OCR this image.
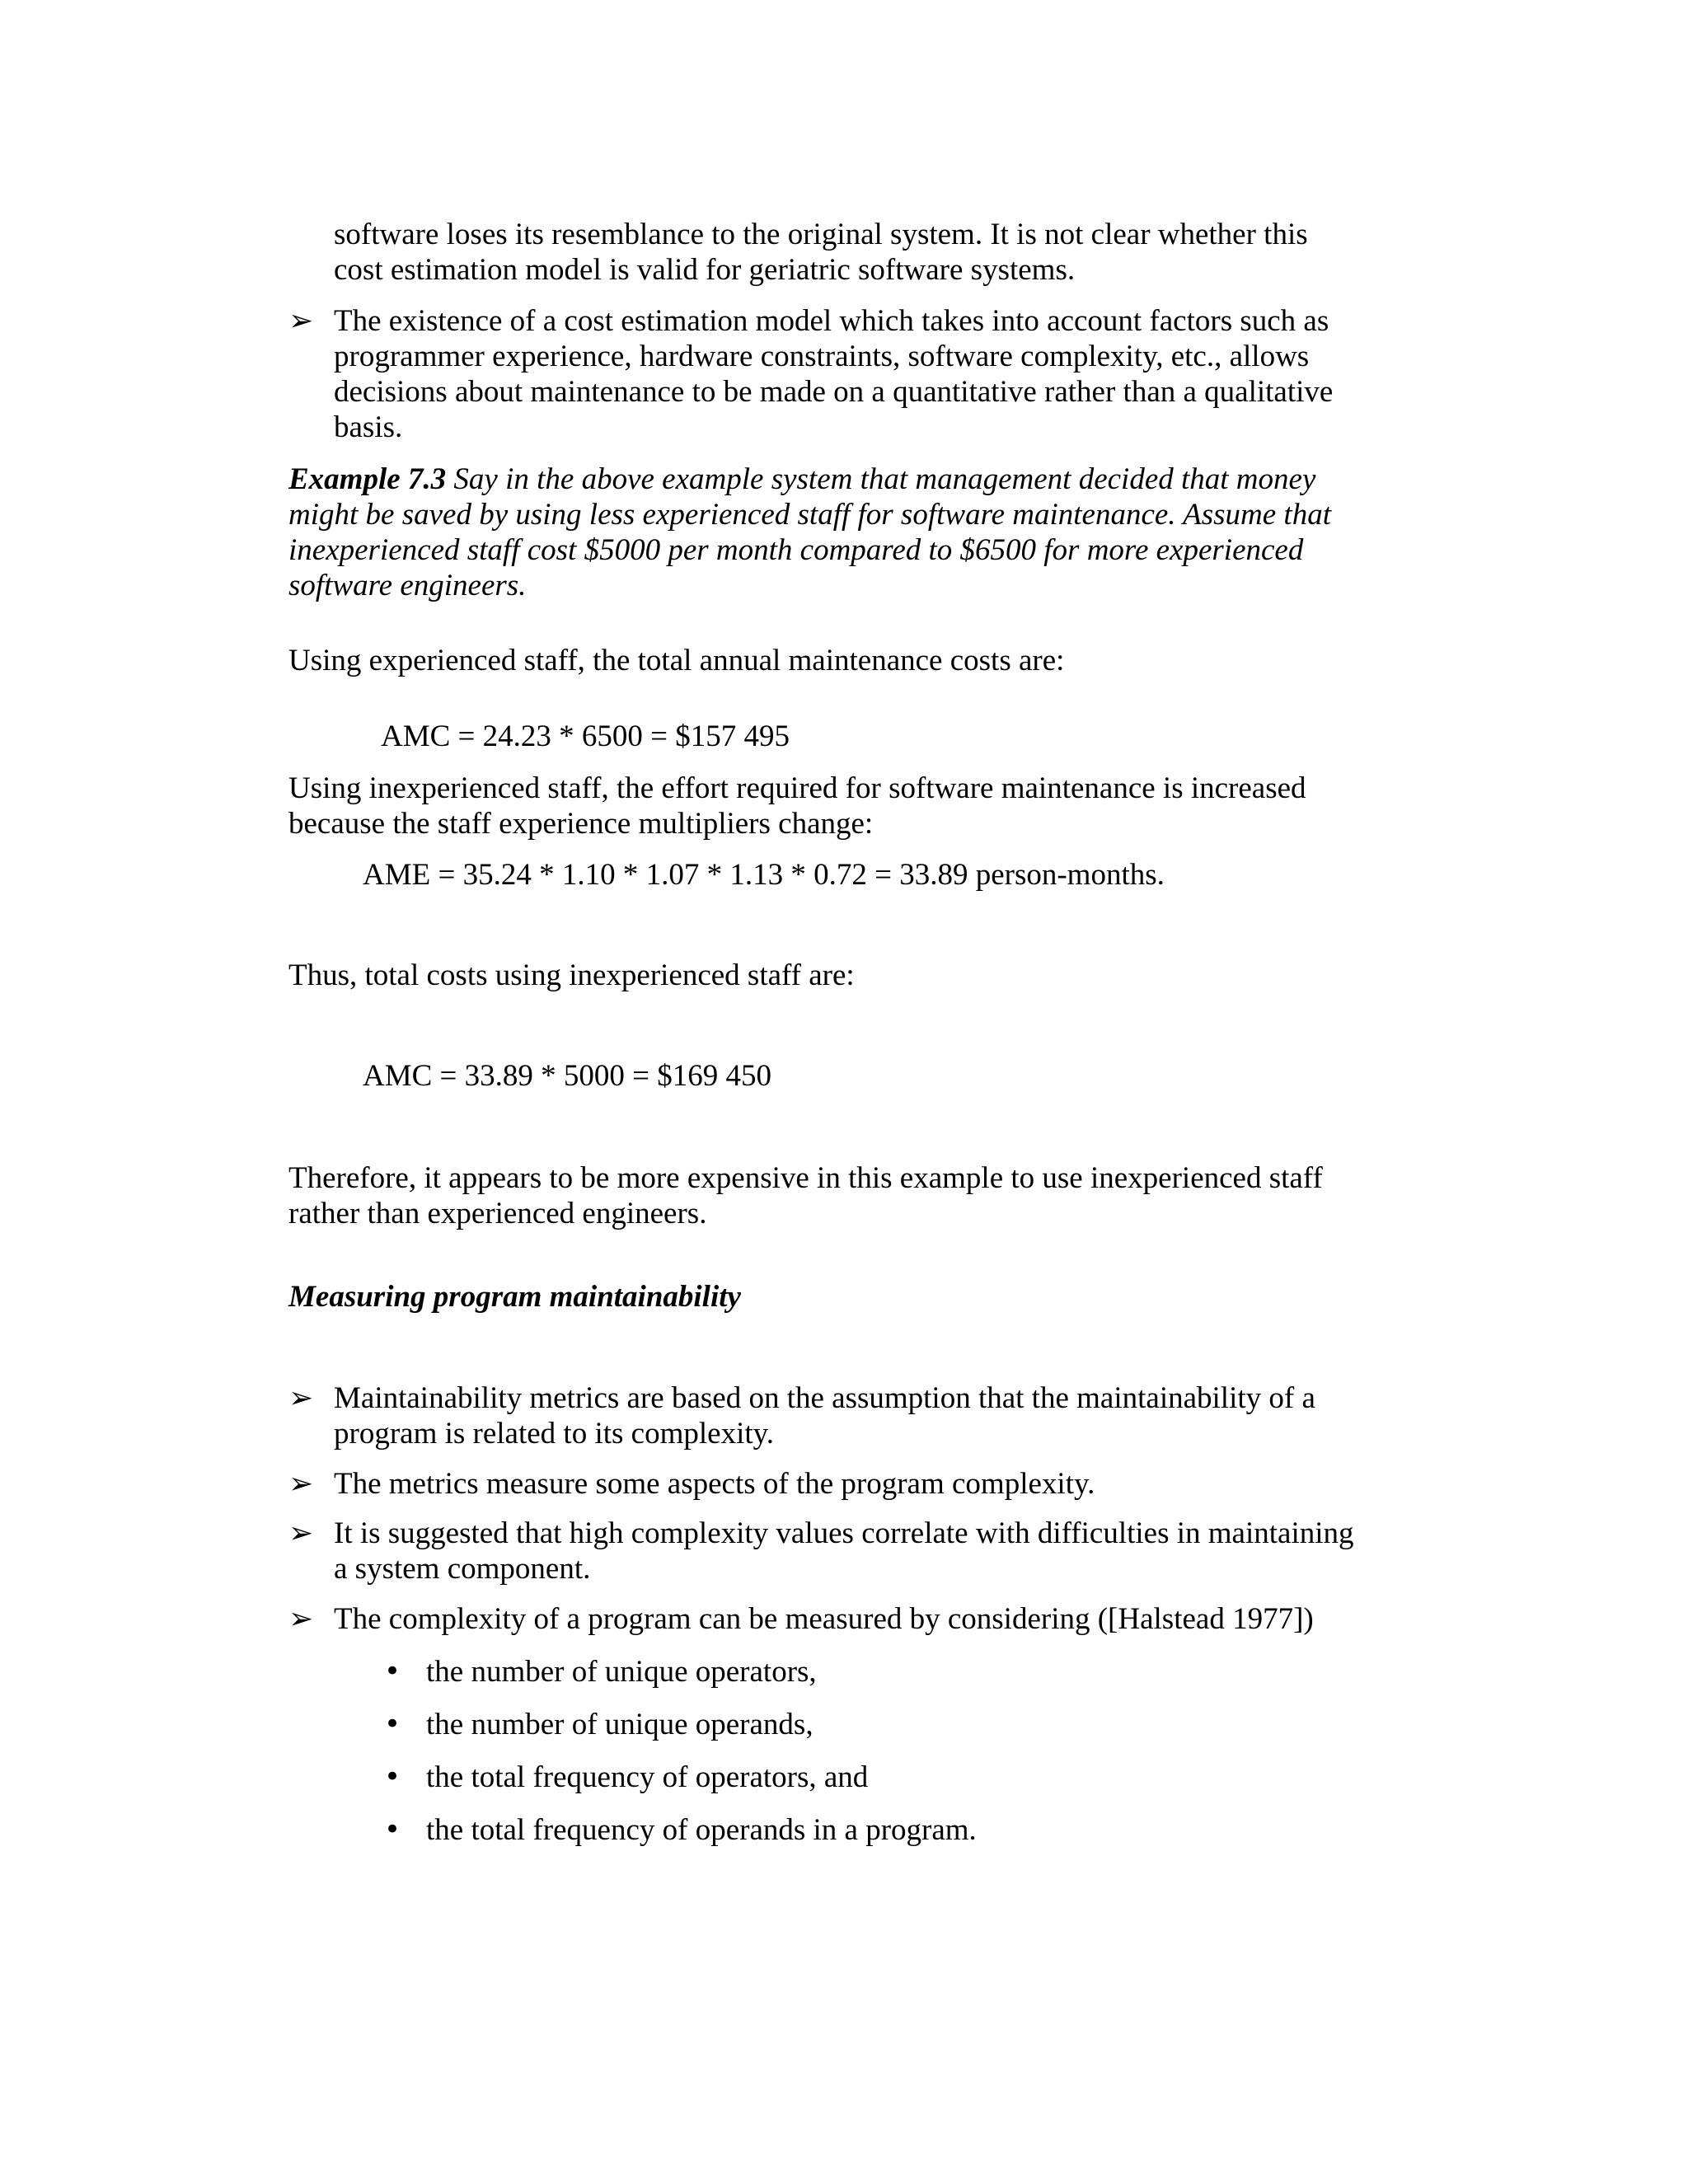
software loses its resemblance to the original system. It is not clear whether this
cost estimation model is valid for geriatric software systems.
➢ The existence of a cost estimation model which takes into account factors such as
programmer experience, hardware constraints, software complexity, etc., allows
decisions about maintenance to be made on a quantitative rather than a qualitative
basis.
Example 7.3 Say in the above example system that management decided that money
might be saved by using less experienced staff for software maintenance. Assume that
inexperienced staff cost $5000 per month compared to $6500 for more experienced
software engineers.
Using experienced staff, the total annual maintenance costs are:
AMC = 24.23 * 6500 = $157 495
Using inexperienced staff, the effort required for software maintenance is increased
because the staff experience multipliers change:
AME = 35.24 * 1.10 * 1.07 * 1.13 * 0.72 = 33.89 person-months.
Thus, total costs using inexperienced staff are:
AMC = 33.89 * 5000 = $169 450
Therefore, it appears to be more expensive in this example to use inexperienced staff
rather than experienced engineers.
Measuring program maintainability
➢ Maintainability metrics are based on the assumption that the maintainability of a
program is related to its complexity.
➢ The metrics measure some aspects of the program complexity.
➢ It is suggested that high complexity values correlate with difficulties in maintaining
a system component.
➢ The complexity of a program can be measured by considering ([Halstead 1977])
• the number of unique operators,
• the number of unique operands,
• the total frequency of operators, and
• the total frequency of operands in a program.
